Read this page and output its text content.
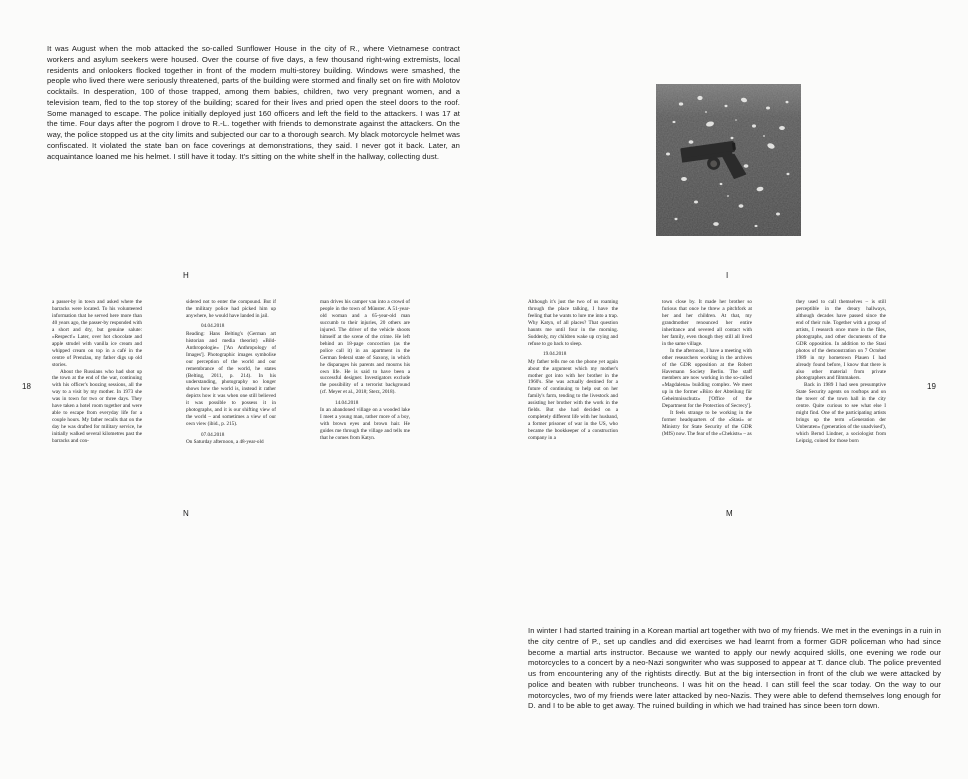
It was August when the mob attacked the so-called Sunflower House in the city of R., where Vietnamese contract workers and asylum seekers were housed. Over the course of five days, a few thousand right-wing extremists, local residents and onlookers flocked together in front of the modern multi-storey building. Windows were smashed, the people who lived there were seriously threatened, parts of the building were stormed and finally set on fire with Molotov cocktails. In desperation, 100 of those trapped, among them babies, children, two very pregnant women, and a television team, fled to the top storey of the building; scared for their lives and pried open the steel doors to the roof. Some managed to escape. The police initially deployed just 160 officers and left the field to the attackers. I was 17 at the time. Four days after the pogrom I drove to R.-L. together with friends to demonstrate against the attackers. On the way, the police stopped us at the city limits and subjected our car to a thorough search. My black motorcycle helmet was confiscated. It violated the state ban on face coverings at demonstrations, they said. I never got it back. Later, an acquaintance loaned me his helmet. I still have it today. It's sitting on the white shelf in the hallway, collecting dust.

H	I
N	M
18	19

a passer-by in town and asked where the barracks were located. To his volunteered information that he served here more than 40 years ago, the passer-by responded with a short and dry, but genuine salute: »Respect!« Later, over hot chocolate and apple strudel with vanilla ice cream and whipped cream on top in a café in the centre of Prenzlau, my father digs up old stories.

About the Russians who had shot up the town at the end of the war, continuing with his officer's boozing sessions, all the way to a visit by my mother. In 1973 she was in town for two or three days. They have taken a hotel room together and were able to escape from everyday life for a couple hours. My father recalls that on the day he was drafted for military service, he initially walked several kilometres past the barracks and con-

sidered not to enter the compound. But if the military police had picked him up anywhere, he would have landed in jail.

04.04.2018

Reading: Hans Belting's (German art historian and media theorist) »Bild-Anthropologie« ['An Anthropology of Images']. Photographic images symbolise our perception of the world and our remembrance of the world, he states (Belting, 2011, p. 214). In his understanding, photography no longer shows how the world is, instead it rather depicts how it was when one still believed it was possible to possess it in photographs, and it is our shifting view of the world – and sometimes a view of our own view (ibid., p. 215).

07.04.2018

On Saturday afternoon, a 48-year-old

man drives his camper van into a crowd of people in the town of Münster. A 51-year-old woman and a 65-year-old man succumb to their injuries, 20 others are injured. The driver of the vehicle shoots himself at the scene of the crime. He left behind an 18-page concoction (as the police call it) in an apartment in the German federal state of Saxony, in which he disparages his parents and mourns his own life. He is said to have been a successful designer. Investigators exclude the possibility of a terrorist background (cf. Meyer et al., 2018; Sterz, 2018).

14.04.2018

In an abandoned village on a wooded lake I meet a young man, rather more of a boy, with brown eyes and brown hair. He guides me through the village and tells me that he comes from Katyn.

Although it's just the two of us roaming through the place talking, I have the feeling that he wants to lure me into a trap. Why Katyn, of all places? That question haunts me until four in the morning. Suddenly, my children wake up crying and refuse to go back to sleep.

19.04.2018

My father tells me on the phone yet again about the argument which my mother's mother got into with her brother in the 1960's. She was actually destined for a future of continuing to help out on her family's farm, tending to the livestock and assisting her brother with the work in the fields. But she had decided on a completely different life with her husband, a former prisoner of war in the US, who became the bookkeeper of a construction company in a

town close by. It made her brother so furious that once he threw a pitchfork at her and her children. At that, my grandmother renounced her entire inheritance and severed all contact with her family, even though they still all lived in the same village.

In the afternoon, I have a meeting with other researchers working in the archives of the GDR opposition at the Robert Havemann Society Berlin. The staff members are now working in the so-called »Magdalena« building complex. We meet up in the former »Büro der Abteilung für Geheimnisschutz« ['Office of the Department for the Protection of Secrecy'].

It feels strange to be working in the former headquarters of the »Stasi« or Ministry for State Security of the GDR (MfS) now. The fear of the »Chekists« – as

they used to call themselves – is still perceptible in the dreary hallways, although decades have passed since the end of their rule. Together with a group of artists, I research once more in the files, photographs, and other documents of the GDR opposition. In addition to the Stasi photos of the demonstration on 7 October 1989 in my hometown Plauen I had already found before, I know that there is also other material from private photographers and filmmakers.

Back in 1989 I had seen presumptive State Security agents on rooftops and on the tower of the town hall in the city centre. Quite curious to see what else I might find. One of the participating artists brings up the term »Generation der Unberaten« ('generation of the unadvised'), which Bernd Lindner, a sociologist from Leipzig, coined for those born

In winter I had started training in a Korean martial art together with two of my friends. We met in the evenings in a ruin in the city centre of P., set up candles and did exercises we had learnt from a former GDR policeman who had since become a martial arts instructor. Because we wanted to apply our newly acquired skills, one evening we rode our motorcycles to a concert by a neo-Nazi songwriter who was supposed to appear at T. dance club. The police prevented us from encountering any of the rightists directly. But at the big intersection in front of the club we were attacked by police and beaten with rubber truncheons. I was hit on the head. I can still feel the scar today. On the way to our motorcycles, two of my friends were later attacked by neo-Nazis. They were able to defend themselves long enough for D. and I to be able to get away. The ruined building in which we had trained has since been torn down.
